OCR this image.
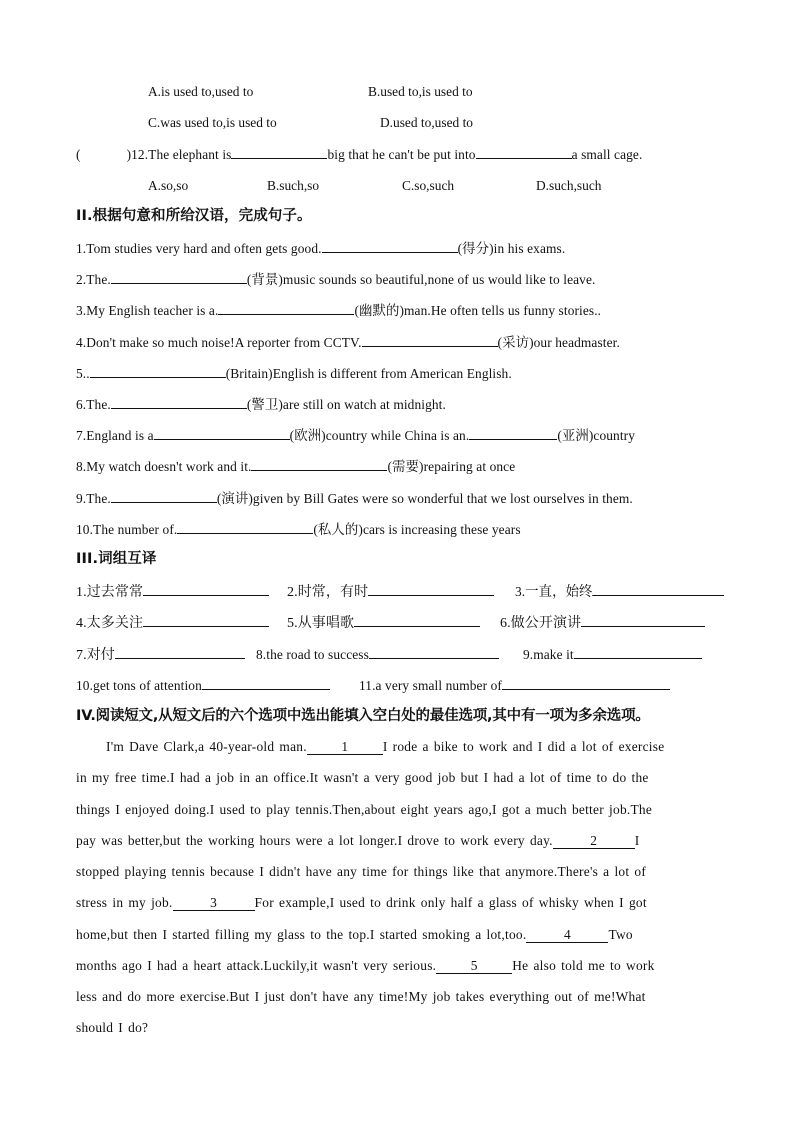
A.is used to,used to	B.used to,is used to
C.was used to,is used to	D.used to,used to
(	)12.The elephant is	big that he can't be put into	a small cage.
A.so,so	B.such,so	C.so,such	D.such,such
II.根据句意和所给汉语，完成句子。
1.Tom studies very hard and often gets good.	(得分)in his exams.
2.The.	(背景)music sounds so beautiful,none of us would like to leave.
3.My English teacher is a.	(幽默的)man.He often tells us funny stories..
4.Don't make so much noise!A reporter from CCTV.	(采访)our headmaster.
5..	(Britain)English is different from American English.
6.The.	(警卫)are still on watch at midnight.
7.England is a	(欧洲)country while China is an.	(亚洲)country
8.My watch doesn't work and it.	(需要)repairing at once
9.The.	(演讲)given by Bill Gates were so wonderful that we lost ourselves in them.
10.The number of.	(私人的)cars is increasing these years
III.词组互译
1.过去常常	2.时常，有时	3.一直，始终
4.太多关注	5.从事唱歌	6.做公开演讲
7.对付	8.the road to success	9.make it
10.get tons of attention	11.a very small number of
IV.阅读短文,从短文后的六个选项中选出能填入空白处的最佳选项,其中有一项为多余选项。
I'm Dave Clark,a 40-year-old man.	1	I rode a bike to work and I did a lot of exercise
in my free time.I had a job in an office.It wasn't a very good job but I had a lot of time to do the
things I enjoyed doing.I used to play tennis.Then,about eight years ago,I got a much better job.The
pay was better,but the working hours were a lot longer.I drove to work every day.	2	I
stopped playing tennis because I didn't have any time for things like that anymore.There's a lot of
stress in my job.	3	For example,I used to drink only half a glass of whisky when I got
home,but then I started filling my glass to the top.I started smoking a lot,too.	4	Two
months ago I had a heart attack.Luckily,it wasn't very serious.	5	He also told me to work
less and do more exercise.But I just don't have any time!My job takes everything out of me!What
should I do?
